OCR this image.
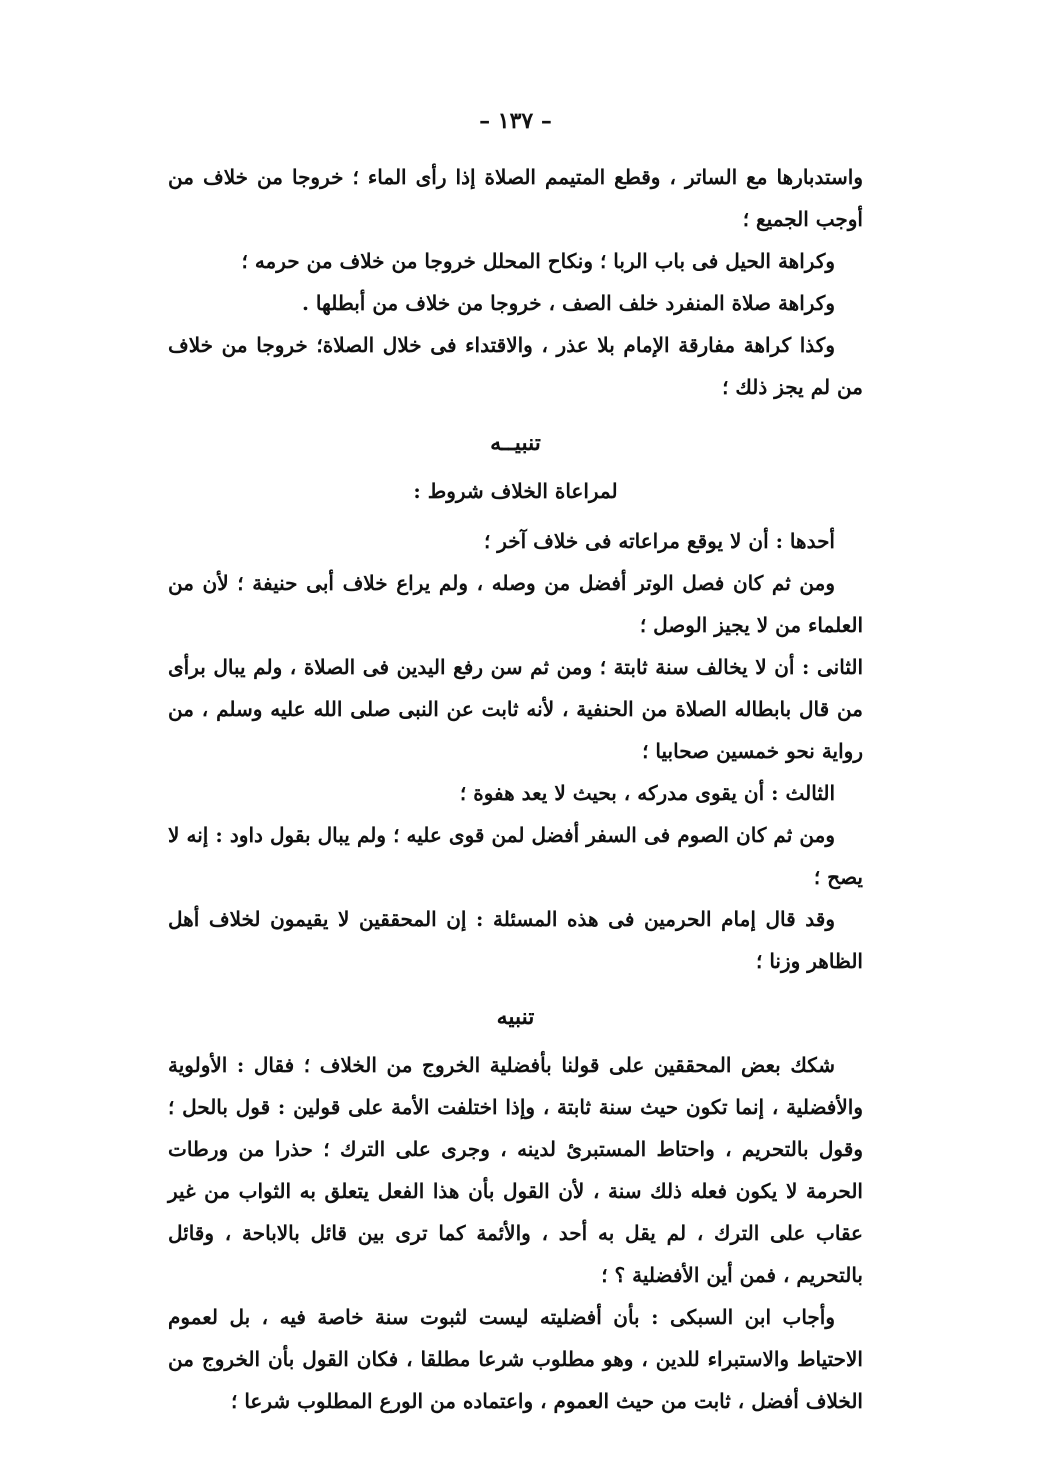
– ١٣٧ –

واستدبارها مع الساتر ، وقطع المتيمم الصلاة إذا رأى الماء ؛ خروجا من خلاف من أوجب الجميع ؛

وكراهة الحيل فى باب الربا ؛ ونكاح المحلل خروجا من خلاف من حرمه ؛

وكراهة صلاة المنفرد خلف الصف ، خروجا من خلاف من أبطلها .

وكذا كراهة مفارقة الإمام بلا عذر ، والاقتداء فى خلال الصلاة؛ خروجا من خلاف من لم يجز ذلك ؛

تنبيــه

لمراعاة الخلاف شروط :

أحدها : أن لا يوقع مراعاته فى خلاف آخر ؛

ومن ثم كان فصل الوتر أفضل من وصله ، ولم يراع خلاف أبى حنيفة ؛ لأن من العلماء من لا يجيز الوصل ؛

الثانى : أن لا يخالف سنة ثابتة ؛ ومن ثم سن رفع اليدين فى الصلاة ، ولم يبال برأى من قال بابطاله الصلاة من الحنفية ، لأنه ثابت عن النبى صلى الله عليه وسلم ، من رواية نحو خمسين صحابيا ؛

الثالث : أن يقوى مدركه ، بحيث لا يعد هفوة ؛

ومن ثم كان الصوم فى السفر أفضل لمن قوى عليه ؛ ولم يبال بقول داود : إنه لا يصح ؛

وقد قال إمام الحرمين فى هذه المسئلة : إن المحققين لا يقيمون لخلاف أهل الظاهر وزنا ؛

تنبيه

شكك بعض المحققين على قولنا بأفضلية الخروج من الخلاف ؛ فقال : الأولوية والأفضلية ، إنما تكون حيث سنة ثابتة ، وإذا اختلفت الأمة على قولين : قول بالحل ؛ وقول بالتحريم ، واحتاط المستبرئ لدينه ، وجرى على الترك ؛ حذرا من ورطات الحرمة لا يكون فعله ذلك سنة ، لأن القول بأن هذا الفعل يتعلق به الثواب من غير عقاب على الترك ، لم يقل به أحد ، والأئمة كما ترى بين قائل بالاباحة ، وقائل بالتحريم ، فمن أين الأفضلية ؟ ؛

وأجاب ابن السبكى : بأن أفضليته ليست لثبوت سنة خاصة فيه ، بل لعموم الاحتياط والاستبراء للدين ، وهو مطلوب شرعا مطلقا ، فكان القول بأن الخروج من الخلاف أفضل ، ثابت من حيث العموم ، واعتماده من الورع المطلوب شرعا ؛
